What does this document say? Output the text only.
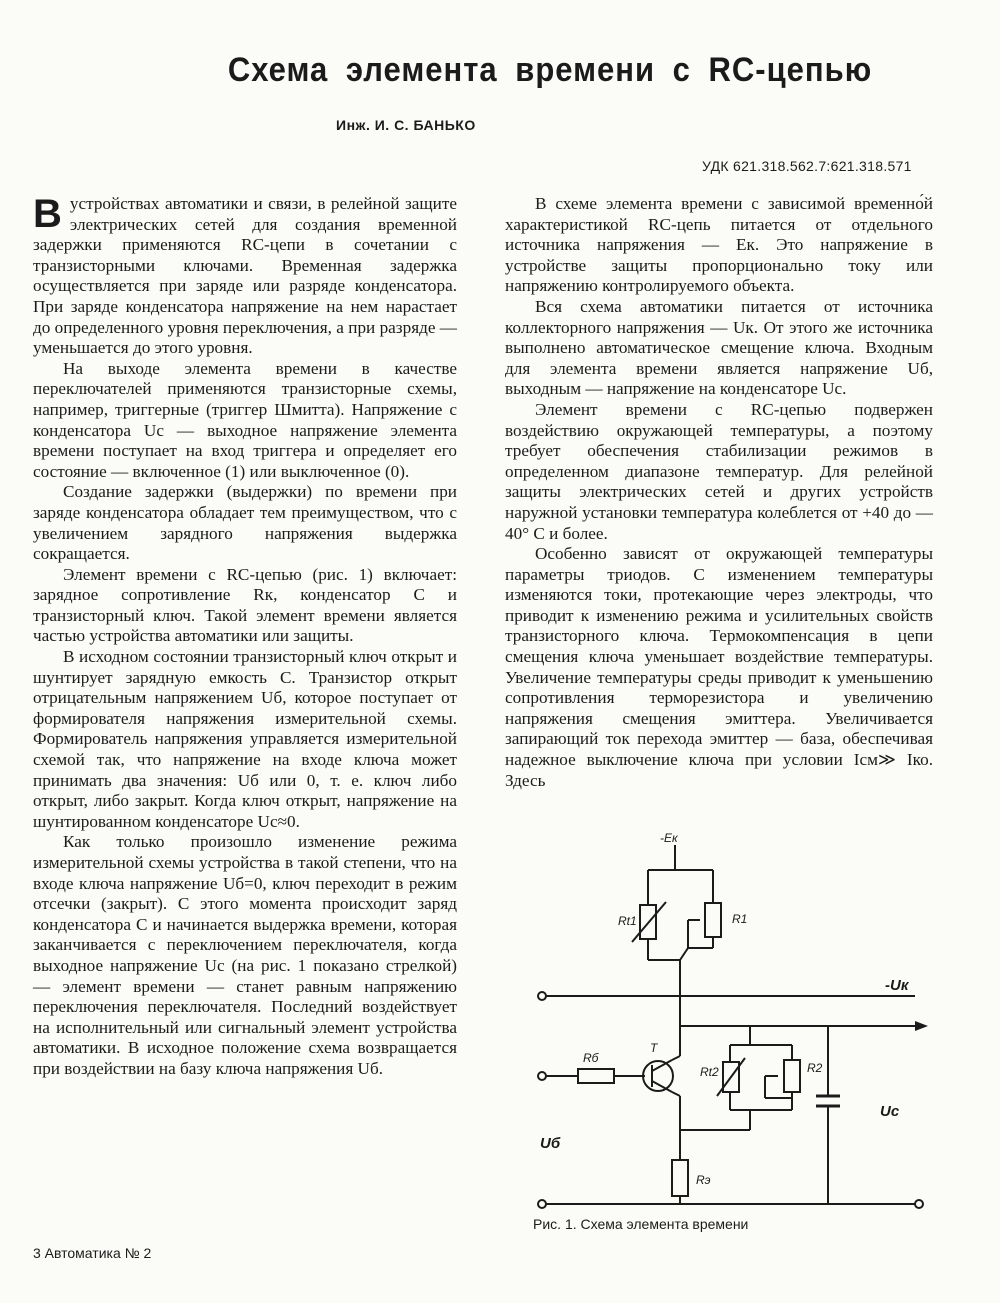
Схема элемента времени с RC-цепью
Инж. И. С. БАНЬКО
УДК 621.318.562.7:621.318.571

В устройствах автоматики и связи, в релейной защите электрических сетей для создания временной задержки применяются RC-цепи в сочетании с транзисторными ключами. Временная задержка осуществляется при заряде или разряде конденсатора. При заряде конденсатора напряжение на нем нарастает до определенного уровня переключения, а при разряде — уменьшается до этого уровня.

На выходе элемента времени в качестве переключателей применяются транзисторные схемы, например, триггерные (триггер Шмитта). Напряжение с конденсатора Uс — выходное напряжение элемента времени поступает на вход триггера и определяет его состояние — включенное (1) или выключенное (0).

Создание задержки (выдержки) по времени при заряде конденсатора обладает тем преимуществом, что с увеличением зарядного напряжения выдержка сокращается.

Элемент времени с RC-цепью (рис. 1) включает: зарядное сопротивление Rк, конденсатор C и транзисторный ключ. Такой элемент времени является частью устройства автоматики или защиты.

В исходном состоянии транзисторный ключ открыт и шунтирует зарядную емкость C. Транзистор открыт отрицательным напряжением Uб, которое поступает от формирователя напряжения измерительной схемы. Формирователь напряжения управляется измерительной схемой так, что напряжение на входе ключа может принимать два значения: Uб или 0, т. е. ключ либо открыт, либо закрыт. Когда ключ открыт, напряжение на шунтированном конденсаторе Uс≈0.

Как только произошло изменение режима измерительной схемы устройства в такой степени, что на входе ключа напряжение Uб=0, ключ переходит в режим отсечки (закрыт). С этого момента происходит заряд конденсатора C и начинается выдержка времени, которая заканчивается с переключением переключателя, когда выходное напряжение Uс (на рис. 1 показано стрелкой) — элемент времени — станет равным напряжению переключения переключателя. Последний воздействует на исполнительный или сигнальный элемент устройства автоматики. В исходное положение схема возвращается при воздействии на базу ключа напряжения Uб.

В схеме элемента времени с зависимой временно́й характеристикой RC-цепь питается от отдельного источника напряжения — Eк. Это напряжение в устройстве защиты пропорционально току или напряжению контролируемого объекта.

Вся схема автоматики питается от источника коллекторного напряжения — Uк. От этого же источника выполнено автоматическое смещение ключа. Входным для элемента времени является напряжение Uб, выходным — напряжение на конденсаторе Uс.

Элемент времени с RC-цепью подвержен воздействию окружающей температуры, а поэтому требует обеспечения стабилизации режимов в определенном диапазоне температур. Для релейной защиты электрических сетей и других устройств наружной установки температура колеблется от +40 до —40° C и более.

Особенно зависят от окружающей температуры параметры триодов. С изменением температуры изменяются токи, протекающие через электроды, что приводит к изменению режима и усилительных свойств транзисторного ключа. Термокомпенсация в цепи смещения ключа уменьшает воздействие температуры. Увеличение температуры среды приводит к уменьшению сопротивления терморезистора и увеличению напряжения смещения эмиттера. Увеличивается запирающий ток перехода эмиттер — база, обеспечивая надежное выключение ключа при условии Iсм≫ Iко. Здесь

-Eк
Rt1	R1
-Uк
Rб
T
Rt2	R2
Rэ
Uб
Uс
Рис. 1. Схема элемента времени
3 Автоматика № 2
